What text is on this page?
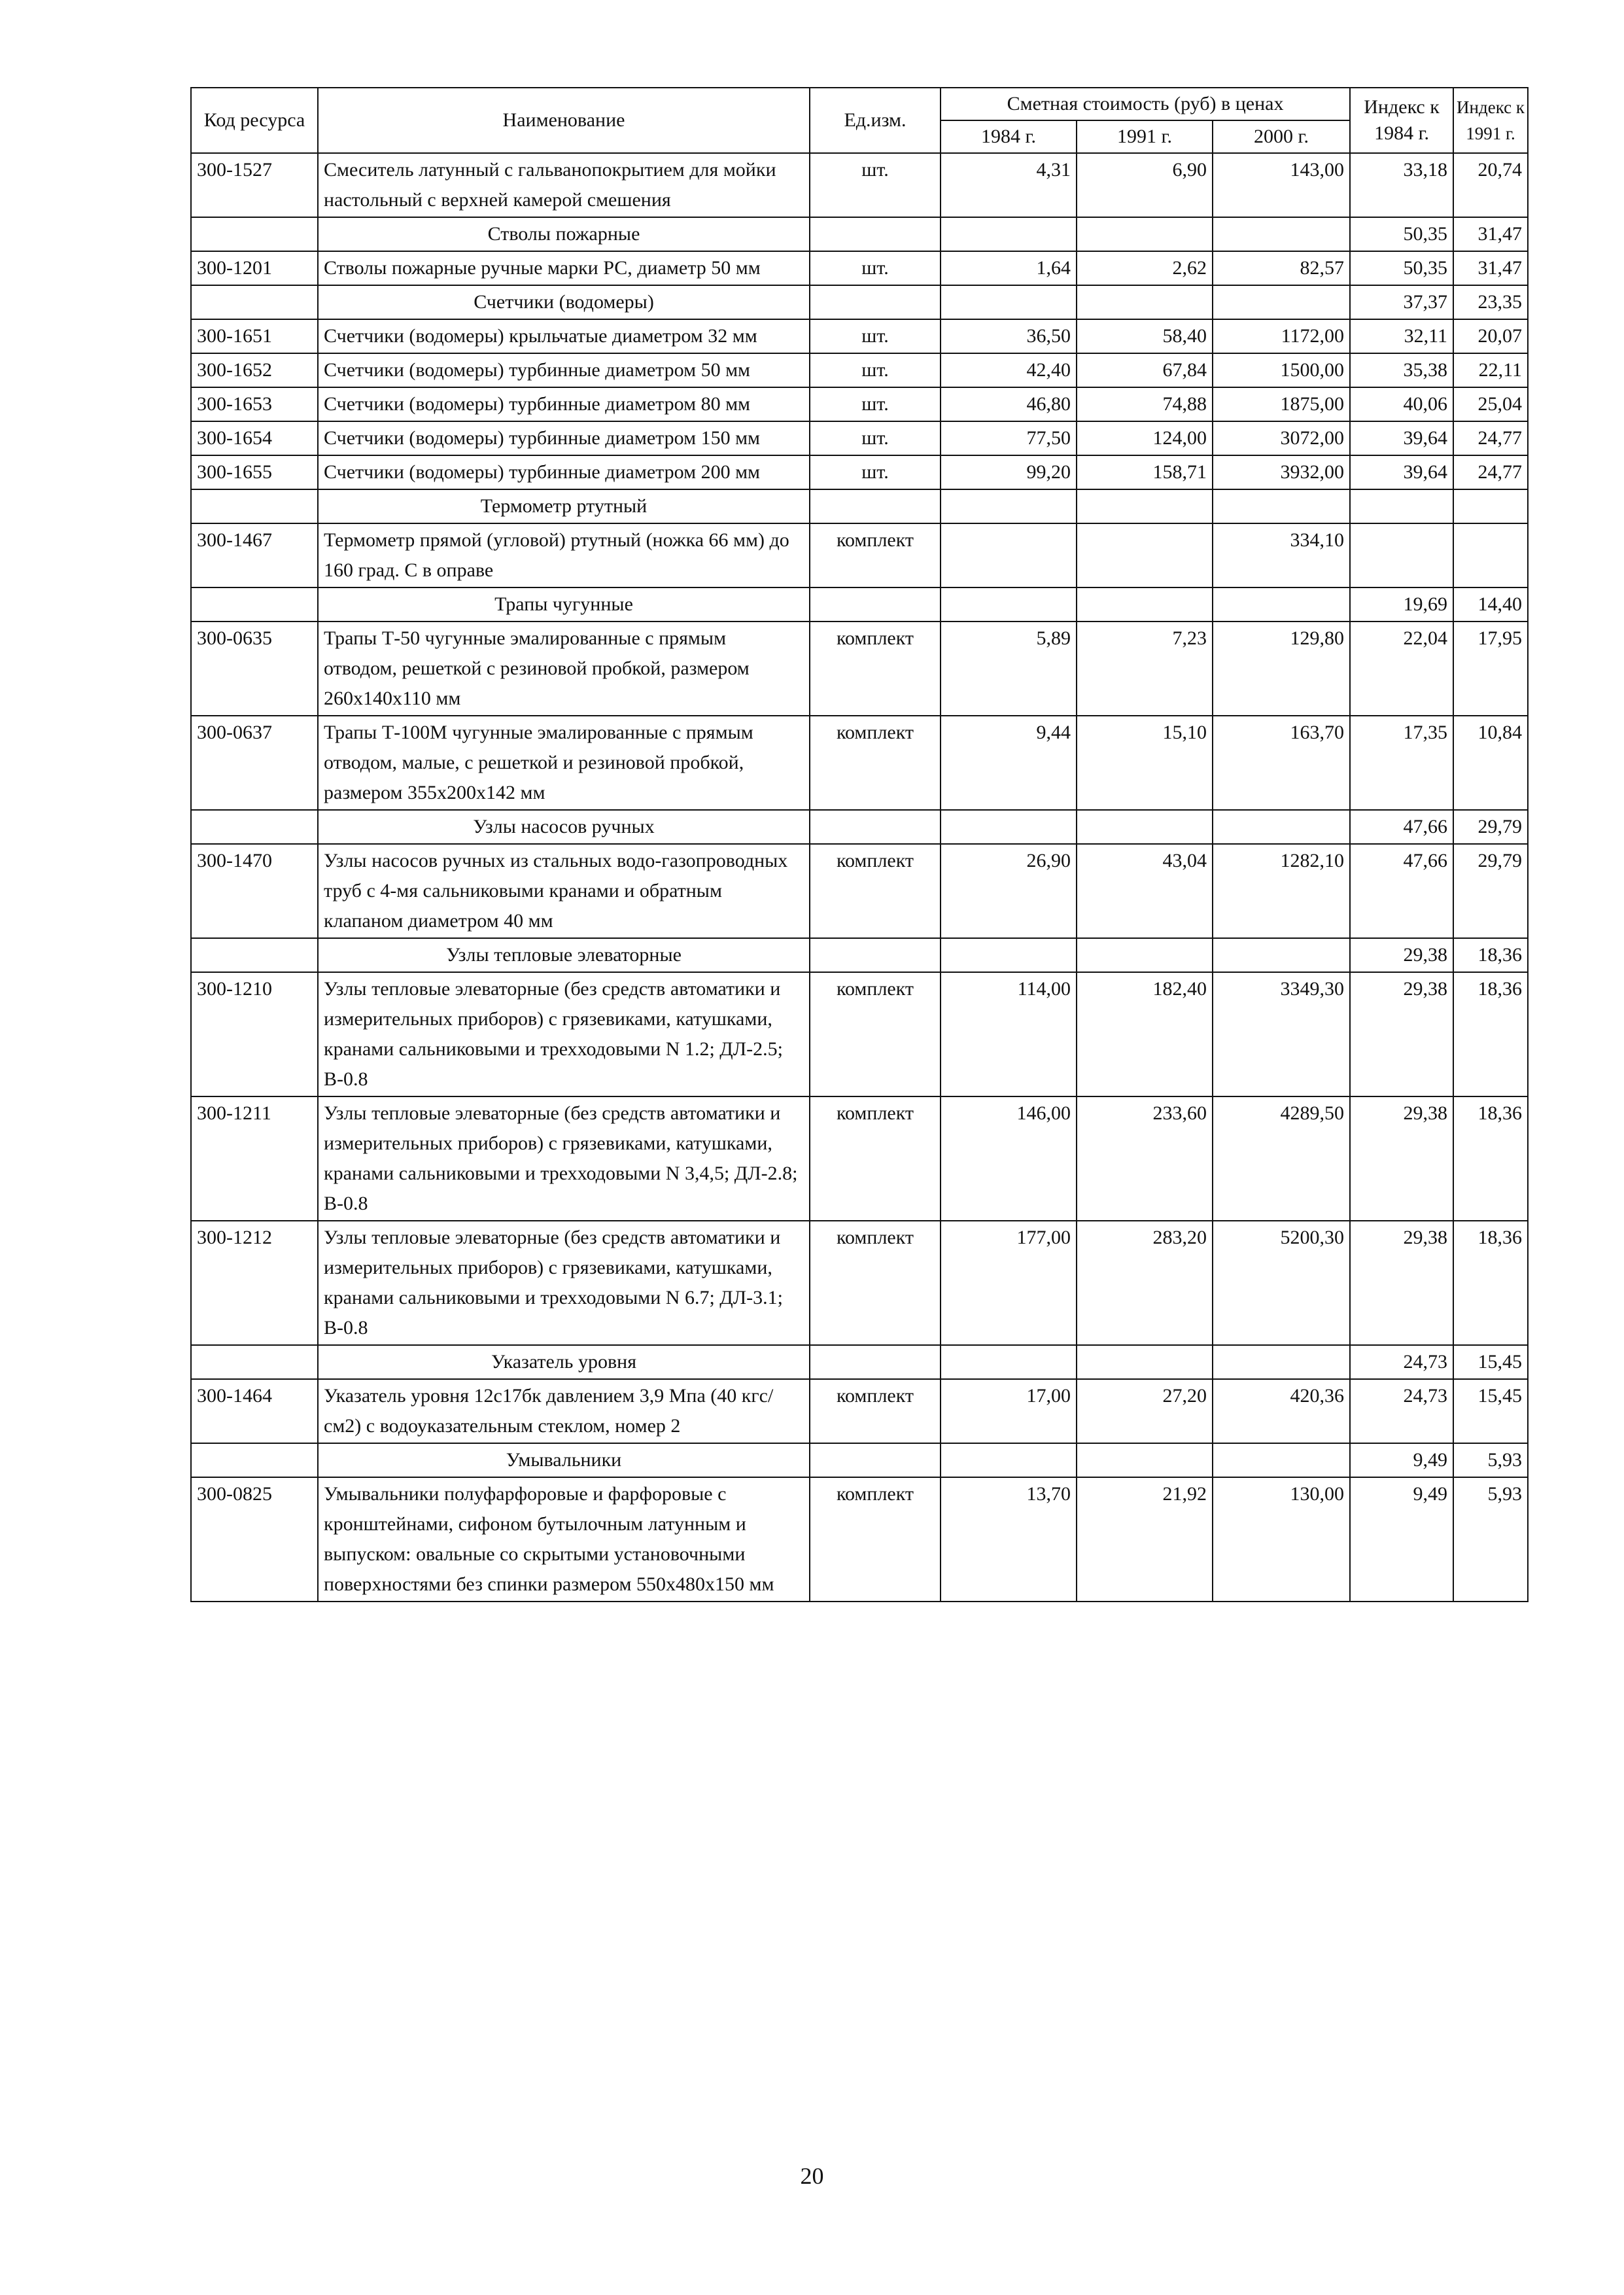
Код ресурса	Наименование	Ед.изм.	Сметная стоимость (руб) в ценах			Индекс к 1984 г.	Индекс к 1991 г.
			1984 г.	1991 г.	2000 г.		
300-1527	Смеситель латунный с гальванопокрытием для мойки настольный с верхней камерой смешения	шт.	4,31	6,90	143,00	33,18	20,74
	Стволы пожарные					50,35	31,47
300-1201	Стволы пожарные ручные марки РС, диаметр 50 мм	шт.	1,64	2,62	82,57	50,35	31,47
	Счетчики (водомеры)					37,37	23,35
300-1651	Счетчики (водомеры) крыльчатые диаметром 32 мм	шт.	36,50	58,40	1172,00	32,11	20,07
300-1652	Счетчики (водомеры) турбинные диаметром 50 мм	шт.	42,40	67,84	1500,00	35,38	22,11
300-1653	Счетчики (водомеры) турбинные диаметром 80 мм	шт.	46,80	74,88	1875,00	40,06	25,04
300-1654	Счетчики (водомеры) турбинные диаметром 150 мм	шт.	77,50	124,00	3072,00	39,64	24,77
300-1655	Счетчики (водомеры) турбинные диаметром 200 мм	шт.	99,20	158,71	3932,00	39,64	24,77
	Термометр ртутный						
300-1467	Термометр прямой (угловой) ртутный (ножка 66 мм) до 160 град. С в оправе	комплект			334,10		
	Трапы чугунные					19,69	14,40
300-0635	Трапы Т-50 чугунные эмалированные с прямым отводом, решеткой с резиновой пробкой, размером 260х140х110 мм	комплект	5,89	7,23	129,80	22,04	17,95
300-0637	Трапы Т-100М чугунные эмалированные с прямым отводом, малые, с решеткой и резиновой пробкой, размером 355х200х142 мм	комплект	9,44	15,10	163,70	17,35	10,84
	Узлы насосов ручных					47,66	29,79
300-1470	Узлы насосов ручных из стальных водо-газопроводных труб с 4-мя сальниковыми кранами и обратным клапаном диаметром 40 мм	комплект	26,90	43,04	1282,10	47,66	29,79
	Узлы тепловые элеваторные					29,38	18,36
300-1210	Узлы тепловые элеваторные (без средств автоматики и измерительных приборов) с грязевиками, катушками, кранами сальниковыми и трехходовыми N 1.2; ДЛ-2.5; В-0.8	комплект	114,00	182,40	3349,30	29,38	18,36
300-1211	Узлы тепловые элеваторные (без средств автоматики и измерительных приборов) с грязевиками, катушками, кранами сальниковыми и трехходовыми N 3,4,5; ДЛ-2.8; В-0.8	комплект	146,00	233,60	4289,50	29,38	18,36
300-1212	Узлы тепловые элеваторные (без средств автоматики и измерительных приборов) с грязевиками, катушками, кранами сальниковыми и трехходовыми N 6.7; ДЛ-3.1; В-0.8	комплект	177,00	283,20	5200,30	29,38	18,36
	Указатель уровня					24,73	15,45
300-1464	Указатель уровня 12с17бк давлением 3,9 Мпа (40 кгс/см2) с водоуказательным стеклом, номер 2	комплект	17,00	27,20	420,36	24,73	15,45
	Умывальники					9,49	5,93
300-0825	Умывальники полуфарфоровые и фарфоровые с кронштейнами, сифоном бутылочным латунным и выпуском: овальные со скрытыми установочными поверхностями без спинки размером 550х480х150 мм	комплект	13,70	21,92	130,00	9,49	5,93
20
